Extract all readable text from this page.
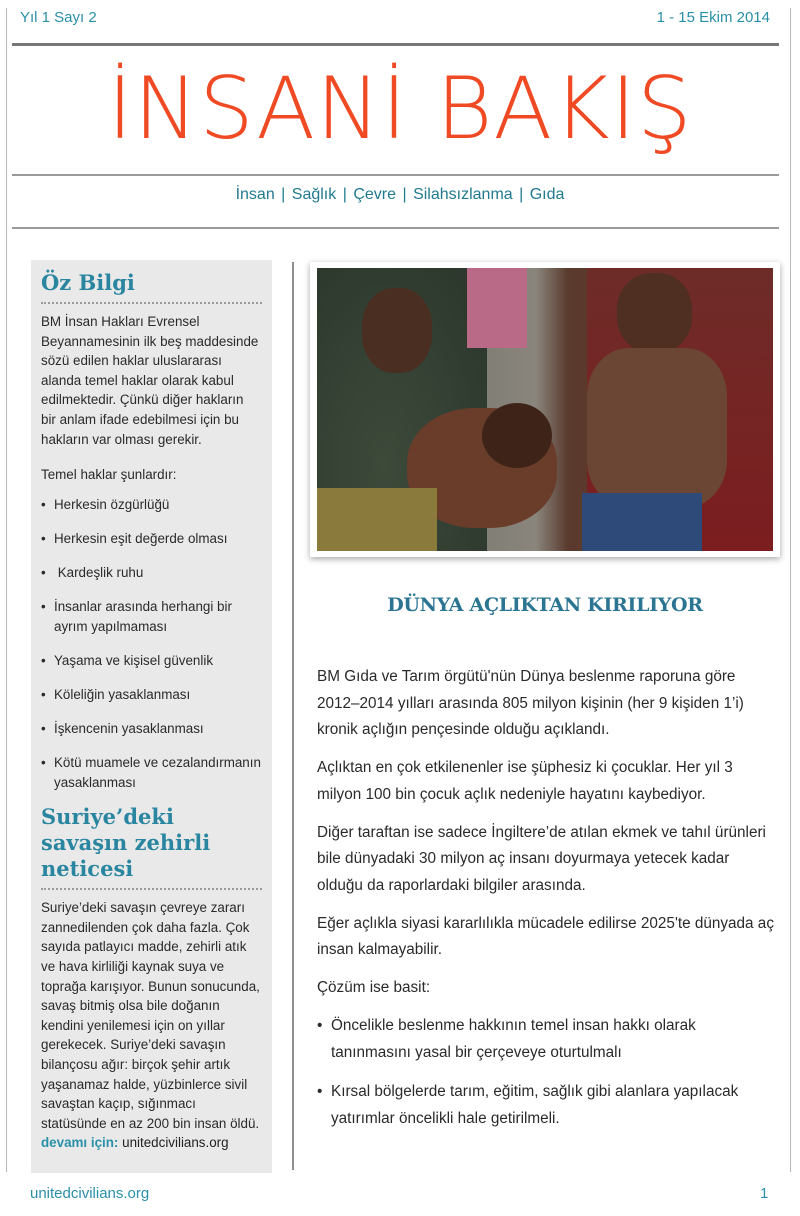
Yıl 1 Sayı 2	1 - 15 Ekim 2014
İNSANİ BAKIŞ
İnsan | Sağlık | Çevre | Silahsızlanma | Gıda
Öz Bilgi
BM İnsan Hakları Evrensel Beyannamesinin ilk beş maddesinde sözü edilen haklar uluslararası alanda temel haklar olarak kabul edilmektedir. Çünkü diğer hakların bir anlam ifade edebilmesi için bu hakların var olması gerekir.
Temel haklar şunlardır:
• Herkesin özgürlüğü
• Herkesin eşit değerde olması
•  Kardeşlik ruhu
• İnsanlar arasında herhangi bir ayrım yapılmaması
• Yaşama ve kişisel güvenlik
• Köleliğin yasaklanması
• İşkencenin yasaklanması
• Kötü muamele ve cezalandırmanın yasaklanması
Suriye’deki savaşın zehirli neticesi
Suriye’deki savaşın çevreye zararı zannedilenden çok daha fazla. Çok sayıda patlayıcı madde, zehirli atık ve hava kirliliği kaynak suya ve toprağa karışıyor. Bunun sonucunda, savaş bitmiş olsa bile doğanın kendini yenilemesi için on yıllar gerekecek. Suriye’deki savaşın bilançosu ağır: birçok şehir artık yaşanamaz halde, yüzbinlerce sivil savaştan kaçıp, sığınmacı statüsünde en az 200 bin insan öldü.
devamı için: unitedcivilians.org
DÜNYA AÇLIKTAN KIRILIYOR

BM Gıda ve Tarım örgütü'nün Dünya beslenme raporuna göre 2012–2014 yılları arasında 805 milyon kişinin (her 9 kişiden 1’i) kronik açlığın pençesinde olduğu açıklandı.

Açlıktan en çok etkilenenler ise şüphesiz ki çocuklar. Her yıl 3 milyon 100 bin çocuk açlık nedeniyle hayatını kaybediyor.

Diğer taraftan ise sadece İngiltere’de atılan ekmek ve tahıl ürünleri bile dünyadaki 30 milyon aç insanı doyurmaya yetecek kadar olduğu da raporlardaki bilgiler arasında.

Eğer açlıkla siyasi kararlılıkla mücadele edilirse 2025'te dünyada aç insan kalmayabilir.

Çözüm ise basit:

• Öncelikle beslenme hakkının temel insan hakkı olarak tanınmasını yasal bir çerçeveye oturtulmalı
• Kırsal bölgelerde tarım, eğitim, sağlık gibi alanlara yapılacak yatırımlar öncelikli hale getirilmeli.
unitedcivilians.org	1
